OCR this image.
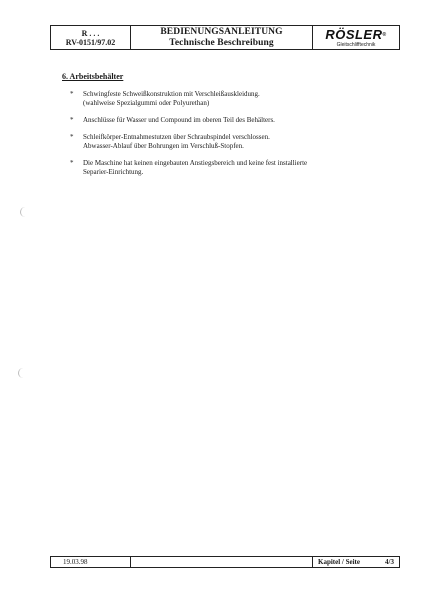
R . . .
RV-0151/97.02
BEDIENUNGSANLEITUNG
Technische Beschreibung
RÖSLER®
Gleitschlifftechnik
6. Arbeitsbehälter
* Schwingfeste Schweißkonstruktion mit Verschleißauskleidung.
(wahlweise Spezialgummi oder Polyurethan)
* Anschlüsse für Wasser und Compound im oberen Teil des Behälters.
* Schleifkörper-Entnahmestutzen über Schraubspindel verschlossen.
Abwasser-Ablauf über Bohrungen im Verschluß-Stopfen.
* Die Maschine hat keinen eingebauten Anstiegsbereich und keine fest installierte
Separier-Einrichtung.
19.03.98	Kapitel / Seite	4/3
